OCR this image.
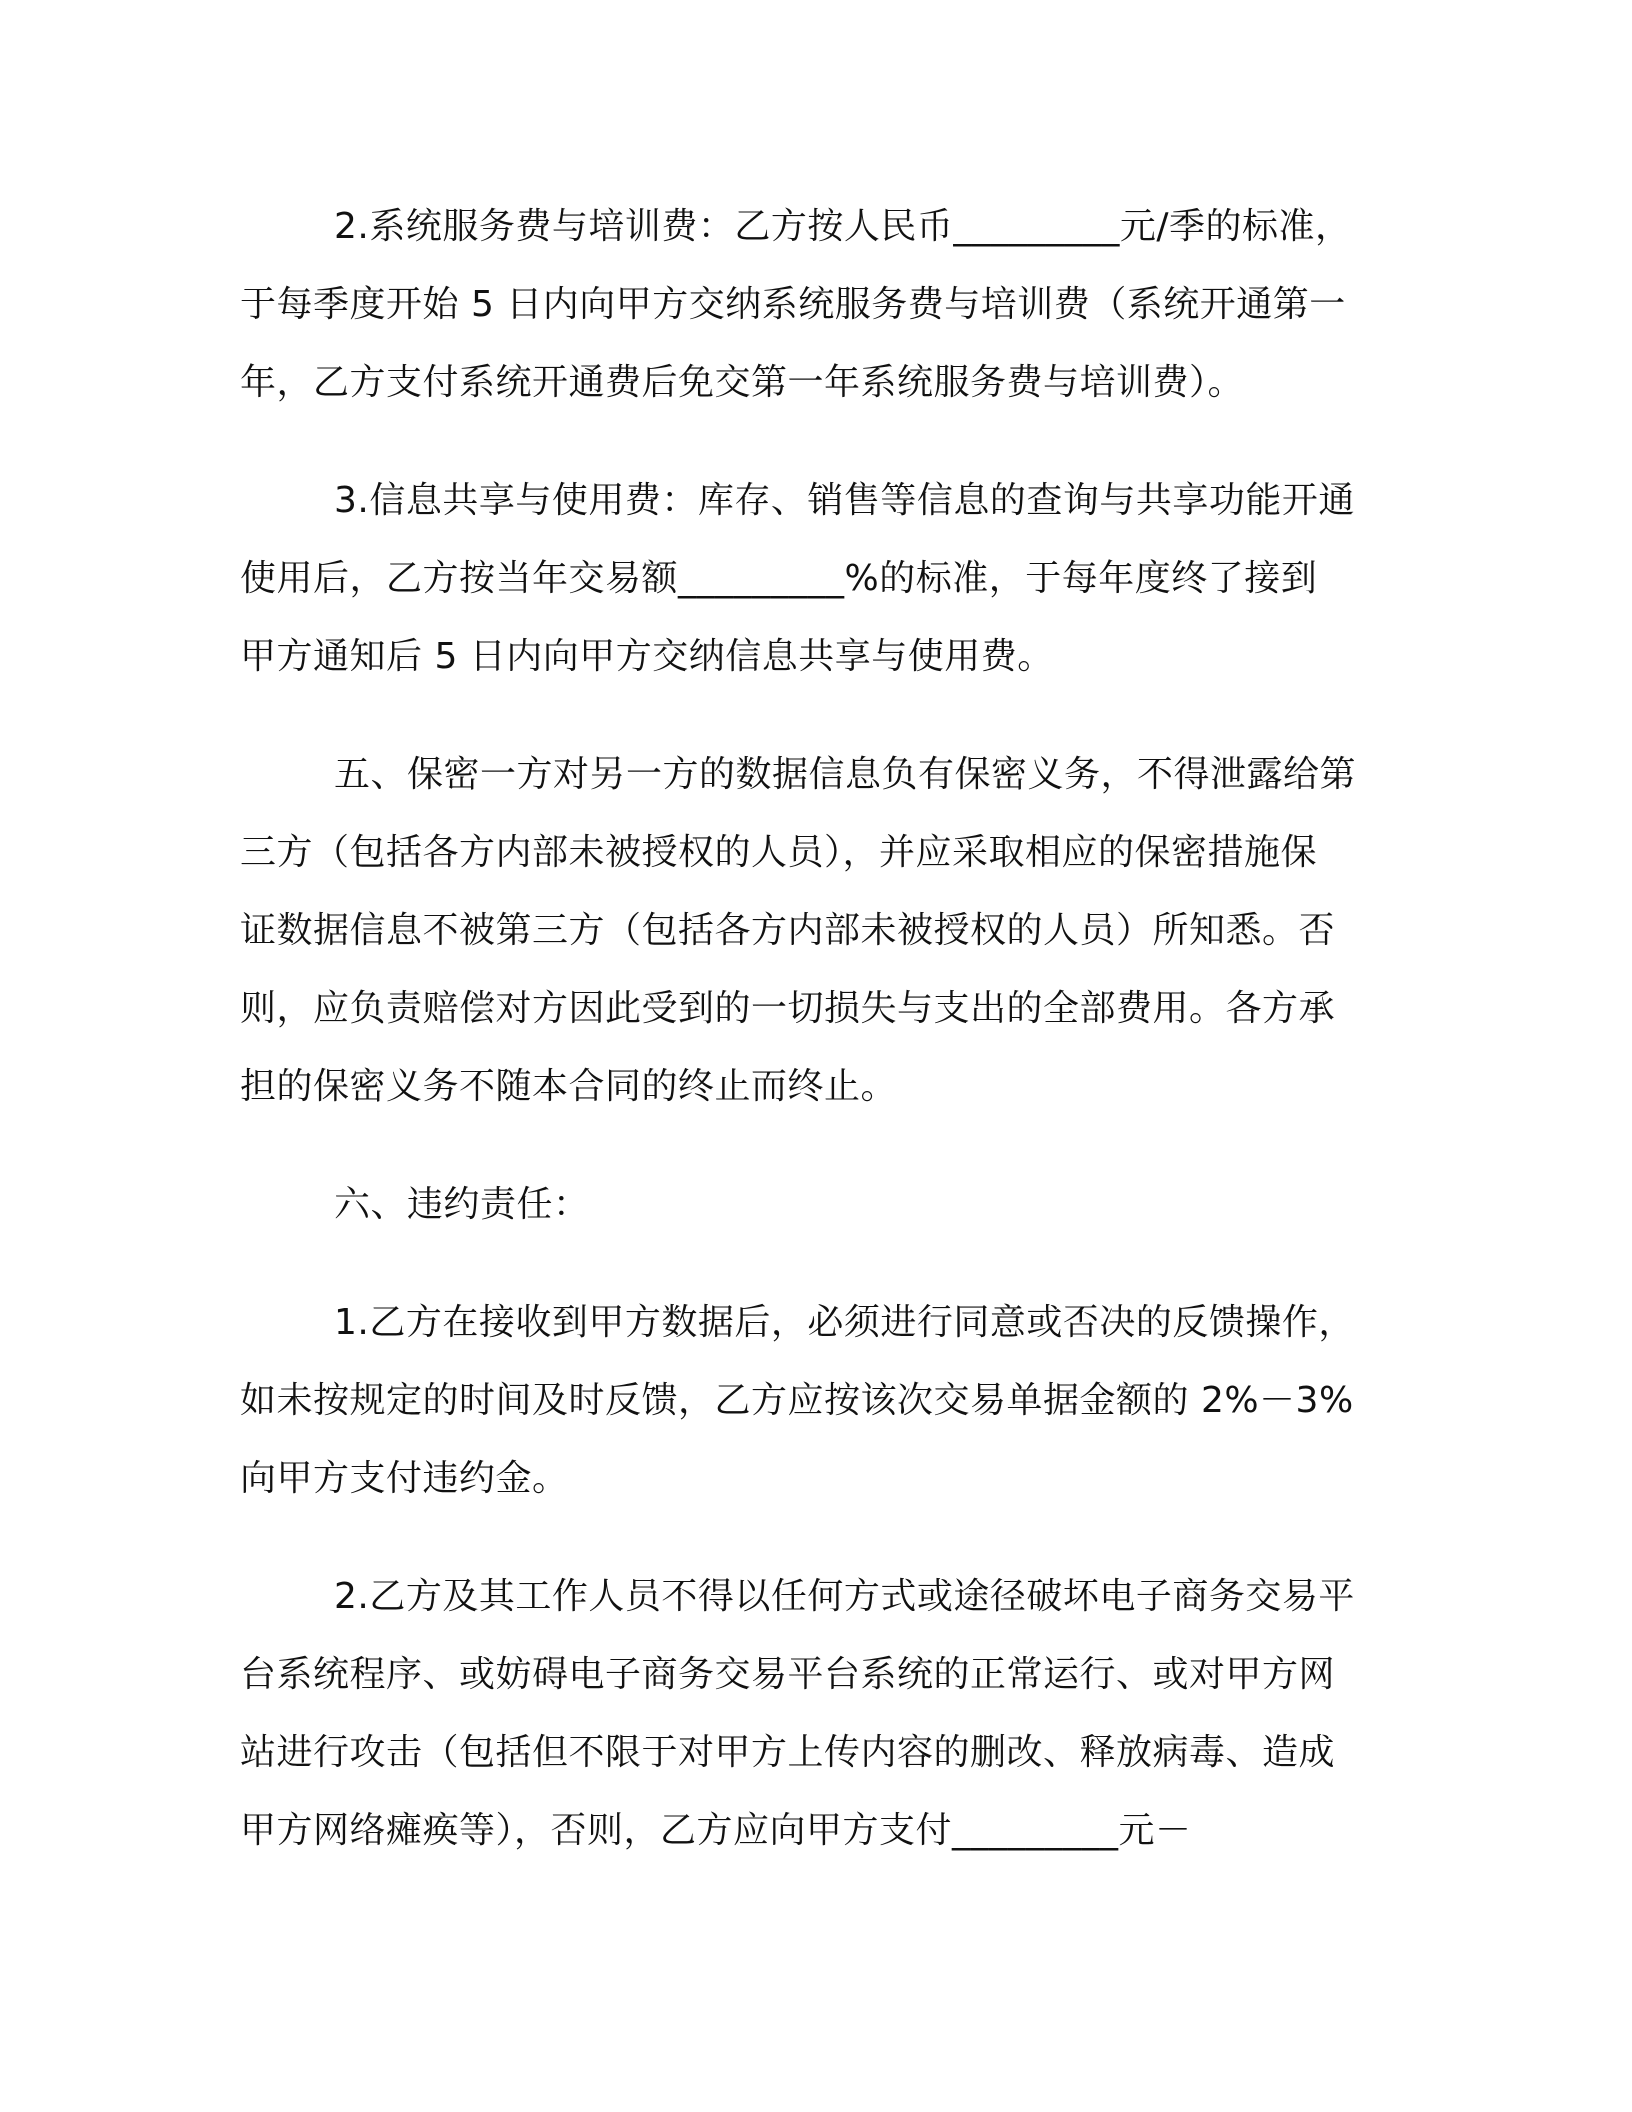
2.系统服务费与培训费：乙方按人民币_________元/季的标准，
于每季度开始 5 日内向甲方交纳系统服务费与培训费（系统开通第一
年，乙方支付系统开通费后免交第一年系统服务费与培训费）。
3.信息共享与使用费：库存、销售等信息的查询与共享功能开通
使用后，乙方按当年交易额_________%的标准，于每年度终了接到
甲方通知后 5 日内向甲方交纳信息共享与使用费。
五、保密一方对另一方的数据信息负有保密义务，不得泄露给第
三方（包括各方内部未被授权的人员），并应采取相应的保密措施保
证数据信息不被第三方（包括各方内部未被授权的人员）所知悉。否
则，应负责赔偿对方因此受到的一切损失与支出的全部费用。各方承
担的保密义务不随本合同的终止而终止。
六、违约责任：
1.乙方在接收到甲方数据后，必须进行同意或否决的反馈操作，
如未按规定的时间及时反馈，乙方应按该次交易单据金额的 2%－3%
向甲方支付违约金。
2.乙方及其工作人员不得以任何方式或途径破坏电子商务交易平
台系统程序、或妨碍电子商务交易平台系统的正常运行、或对甲方网
站进行攻击（包括但不限于对甲方上传内容的删改、释放病毒、造成
甲方网络瘫痪等），否则，乙方应向甲方支付_________元－
